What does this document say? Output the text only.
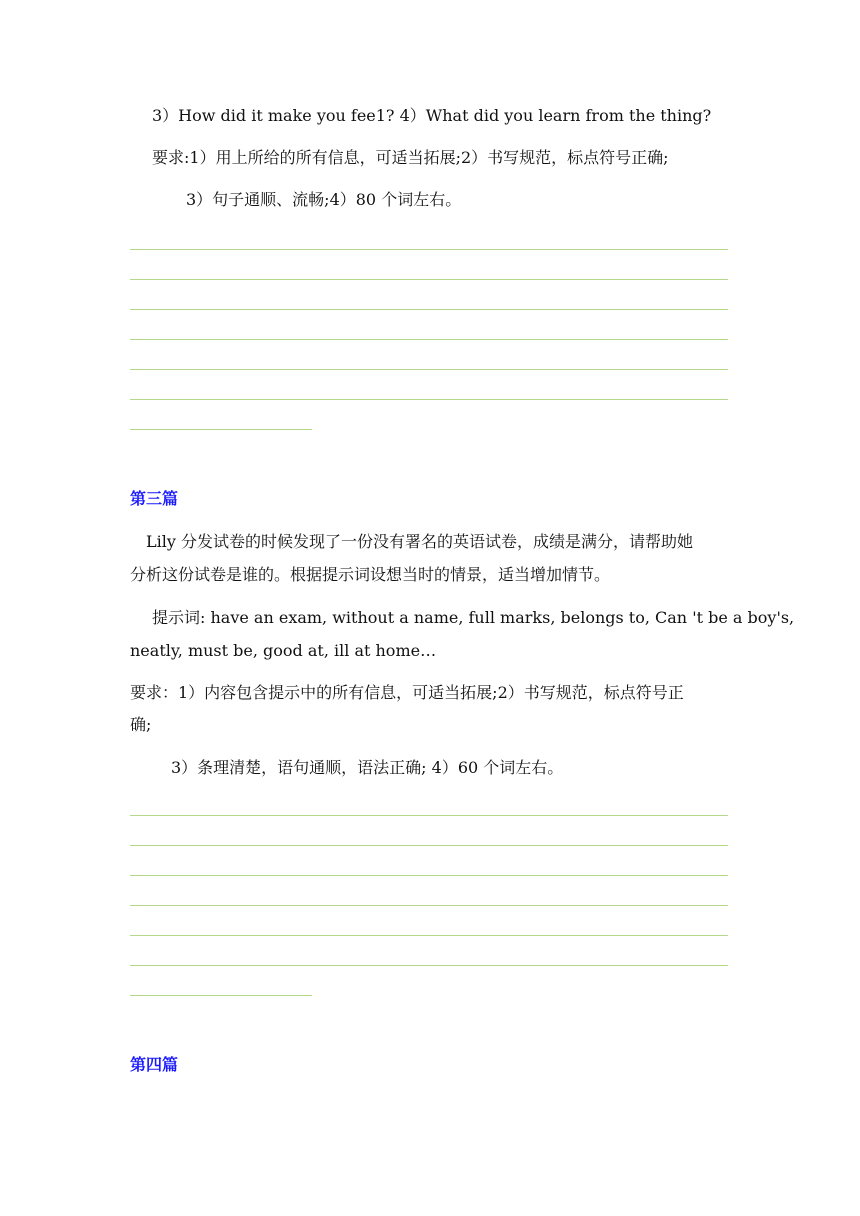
3）How did it make you fee1? 4）What did you learn from the thing?
要求:1）用上所给的所有信息，可适当拓展;2）书写规范，标点符号正确;
3）句子通顺、流畅;4）80 个词左右。
第三篇
Lily 分发试卷的时候发现了一份没有署名的英语试卷，成绩是满分，请帮助她
分析这份试卷是谁的。根据提示词设想当时的情景，适当增加情节。
提示词: have an exam, without a name, full marks, belongs to, Can 't be a boy's,
neatly, must be, good at, ill at home…
要求：1）内容包含提示中的所有信息，可适当拓展;2）书写规范，标点符号正
确;
3）条理清楚，语句通顺，语法正确; 4）60 个词左右。
第四篇
